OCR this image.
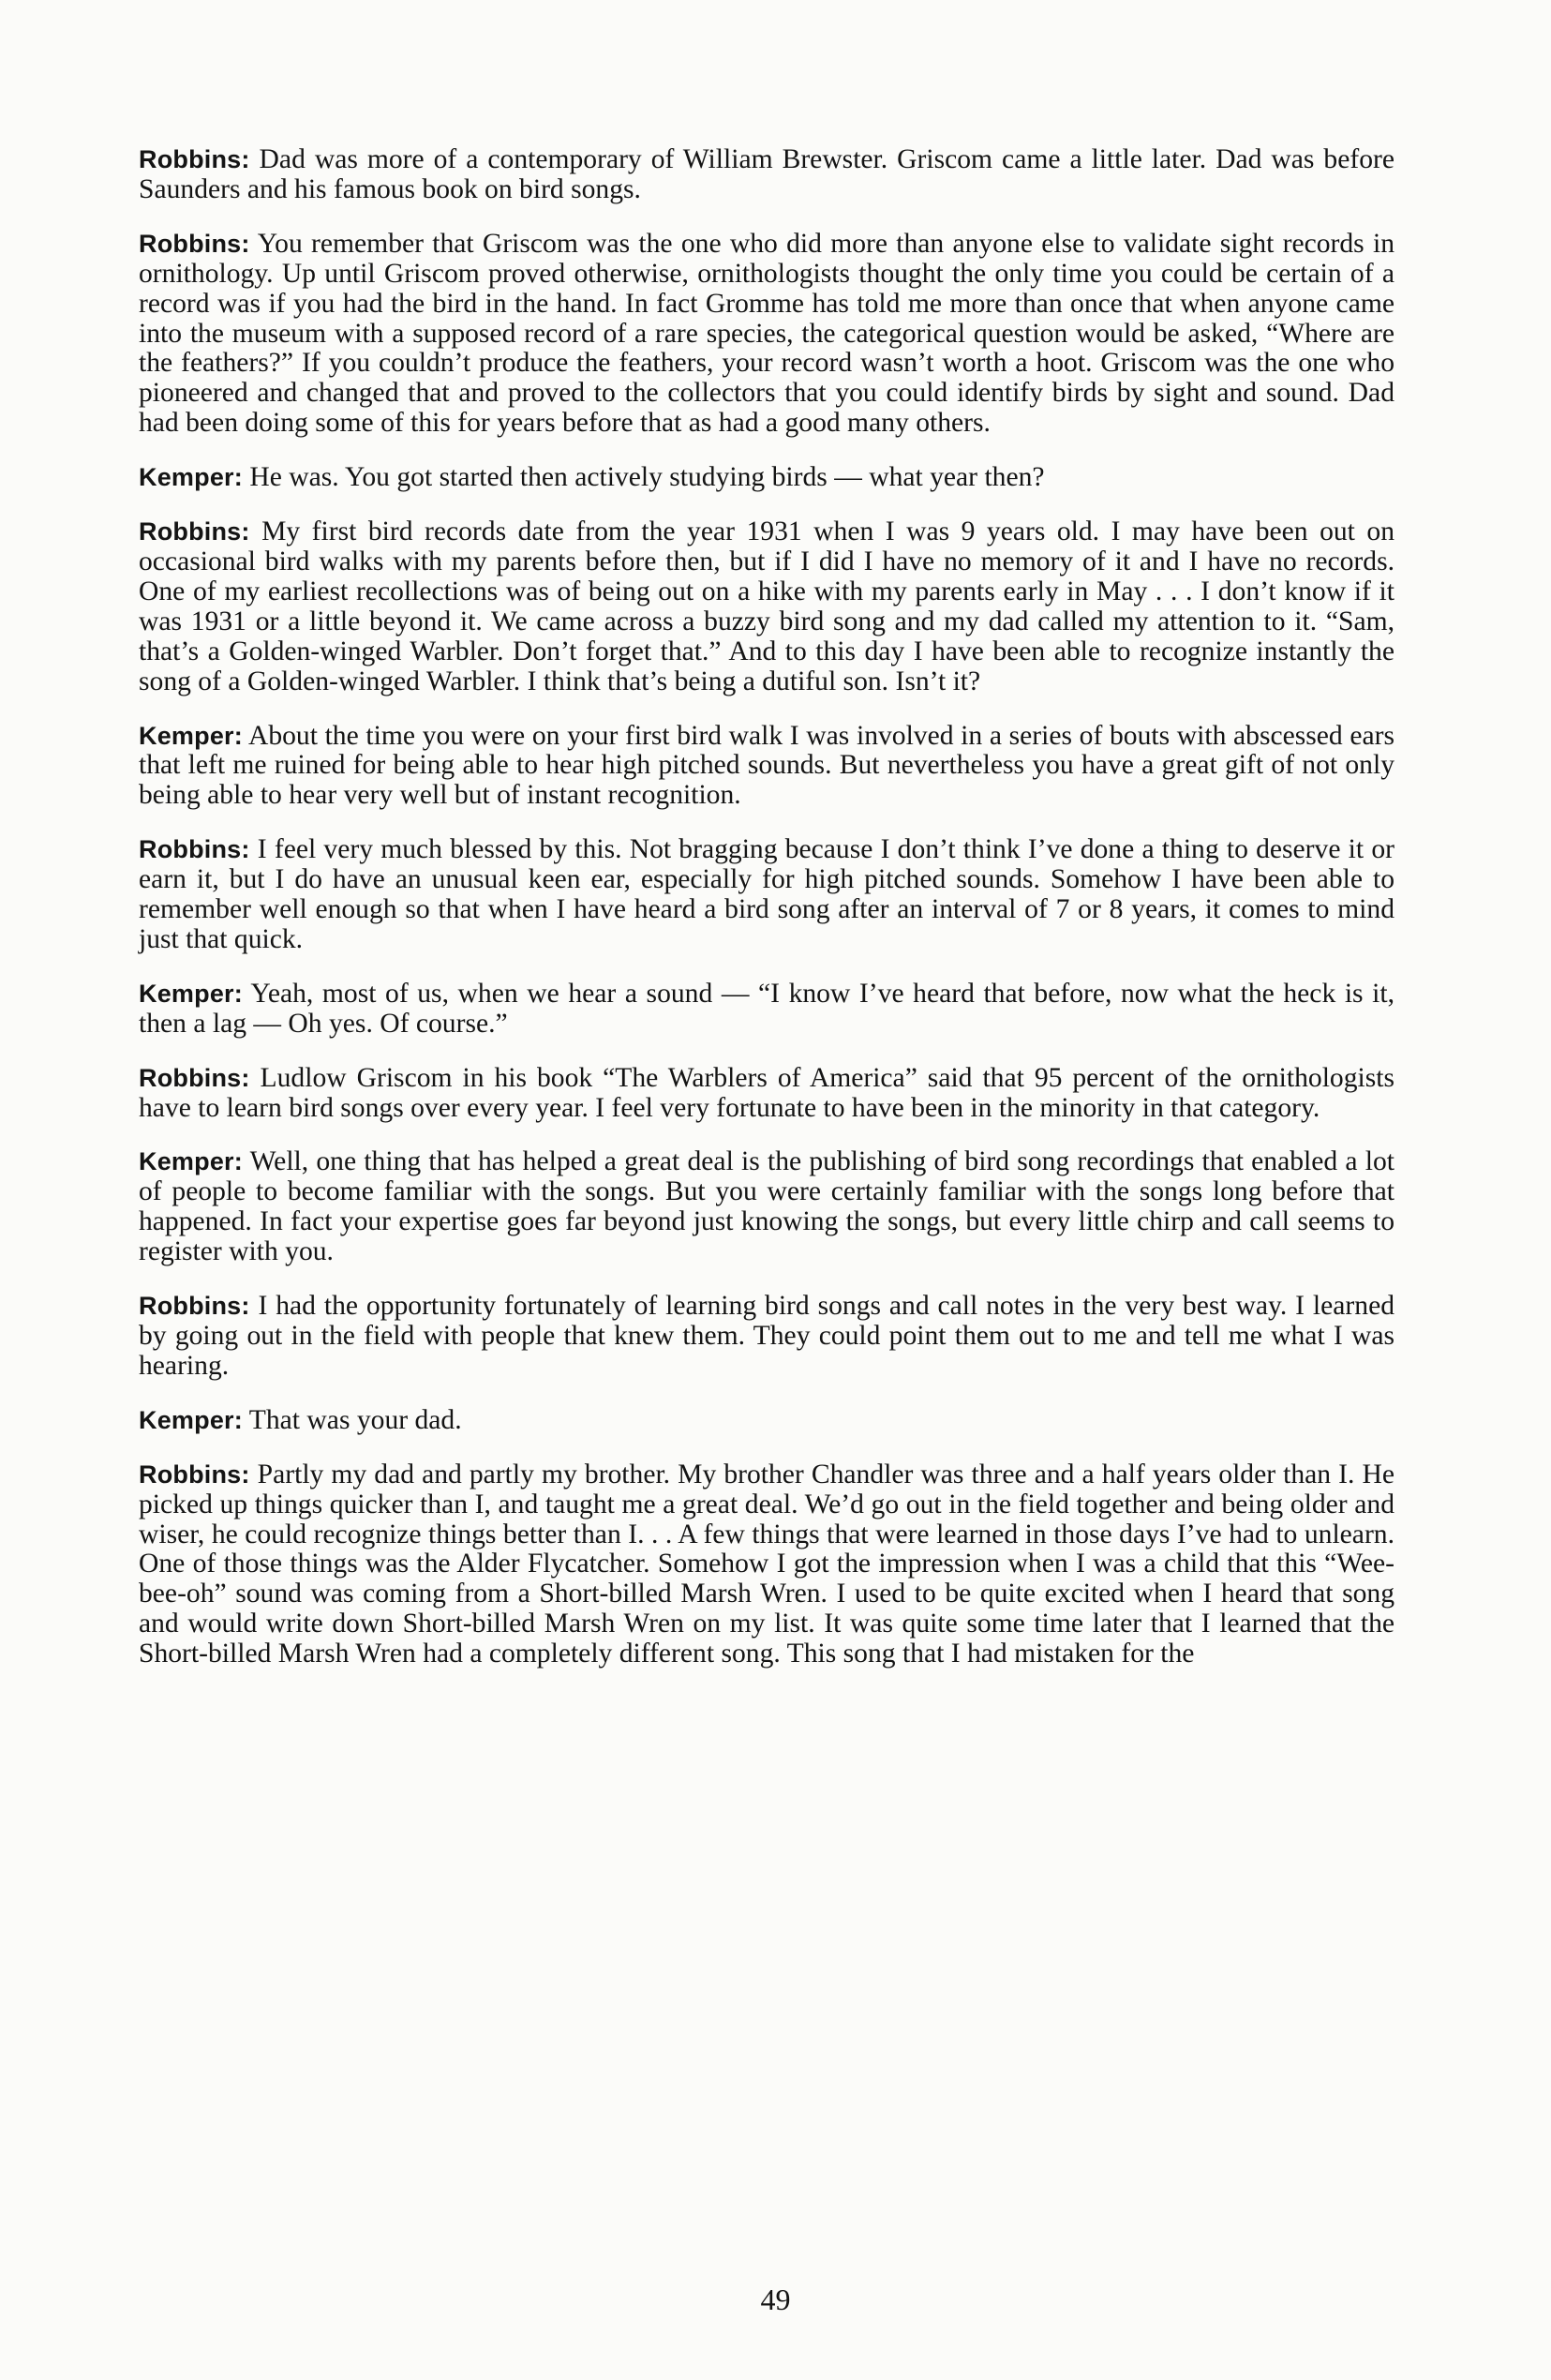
Robbins: Dad was more of a contemporary of William Brewster. Griscom came a little later. Dad was before Saunders and his famous book on bird songs.

Robbins: You remember that Griscom was the one who did more than anyone else to validate sight records in ornithology. Up until Griscom proved otherwise, ornithologists thought the only time you could be certain of a record was if you had the bird in the hand. In fact Gromme has told me more than once that when anyone came into the museum with a supposed record of a rare species, the categorical question would be asked, “Where are the feathers?” If you couldn’t produce the feathers, your record wasn’t worth a hoot. Griscom was the one who pioneered and changed that and proved to the collectors that you could identify birds by sight and sound. Dad had been doing some of this for years before that as had a good many others.

Kemper: He was. You got started then actively studying birds — what year then?

Robbins: My first bird records date from the year 1931 when I was 9 years old. I may have been out on occasional bird walks with my parents before then, but if I did I have no memory of it and I have no records. One of my earliest recollections was of being out on a hike with my parents early in May . . . I don’t know if it was 1931 or a little beyond it. We came across a buzzy bird song and my dad called my attention to it. “Sam, that’s a Golden-winged Warbler. Don’t forget that.” And to this day I have been able to recognize instantly the song of a Golden-winged Warbler. I think that’s being a dutiful son. Isn’t it?

Kemper: About the time you were on your first bird walk I was involved in a series of bouts with abscessed ears that left me ruined for being able to hear high pitched sounds. But nevertheless you have a great gift of not only being able to hear very well but of instant recognition.

Robbins: I feel very much blessed by this. Not bragging because I don’t think I’ve done a thing to deserve it or earn it, but I do have an unusual keen ear, especially for high pitched sounds. Somehow I have been able to remember well enough so that when I have heard a bird song after an interval of 7 or 8 years, it comes to mind just that quick.

Kemper: Yeah, most of us, when we hear a sound — “I know I’ve heard that before, now what the heck is it, then a lag — Oh yes. Of course.”

Robbins: Ludlow Griscom in his book “The Warblers of America” said that 95 percent of the ornithologists have to learn bird songs over every year. I feel very fortunate to have been in the minority in that category.

Kemper: Well, one thing that has helped a great deal is the publishing of bird song recordings that enabled a lot of people to become familiar with the songs. But you were certainly familiar with the songs long before that happened. In fact your expertise goes far beyond just knowing the songs, but every little chirp and call seems to register with you.

Robbins: I had the opportunity fortunately of learning bird songs and call notes in the very best way. I learned by going out in the field with people that knew them. They could point them out to me and tell me what I was hearing.

Kemper: That was your dad.

Robbins: Partly my dad and partly my brother. My brother Chandler was three and a half years older than I. He picked up things quicker than I, and taught me a great deal. We’d go out in the field together and being older and wiser, he could recognize things better than I. . . A few things that were learned in those days I’ve had to unlearn. One of those things was the Alder Flycatcher. Somehow I got the impression when I was a child that this “Wee-bee-oh” sound was coming from a Short-billed Marsh Wren. I used to be quite excited when I heard that song and would write down Short-billed Marsh Wren on my list. It was quite some time later that I learned that the Short-billed Marsh Wren had a completely different song. This song that I had mistaken for the

49
